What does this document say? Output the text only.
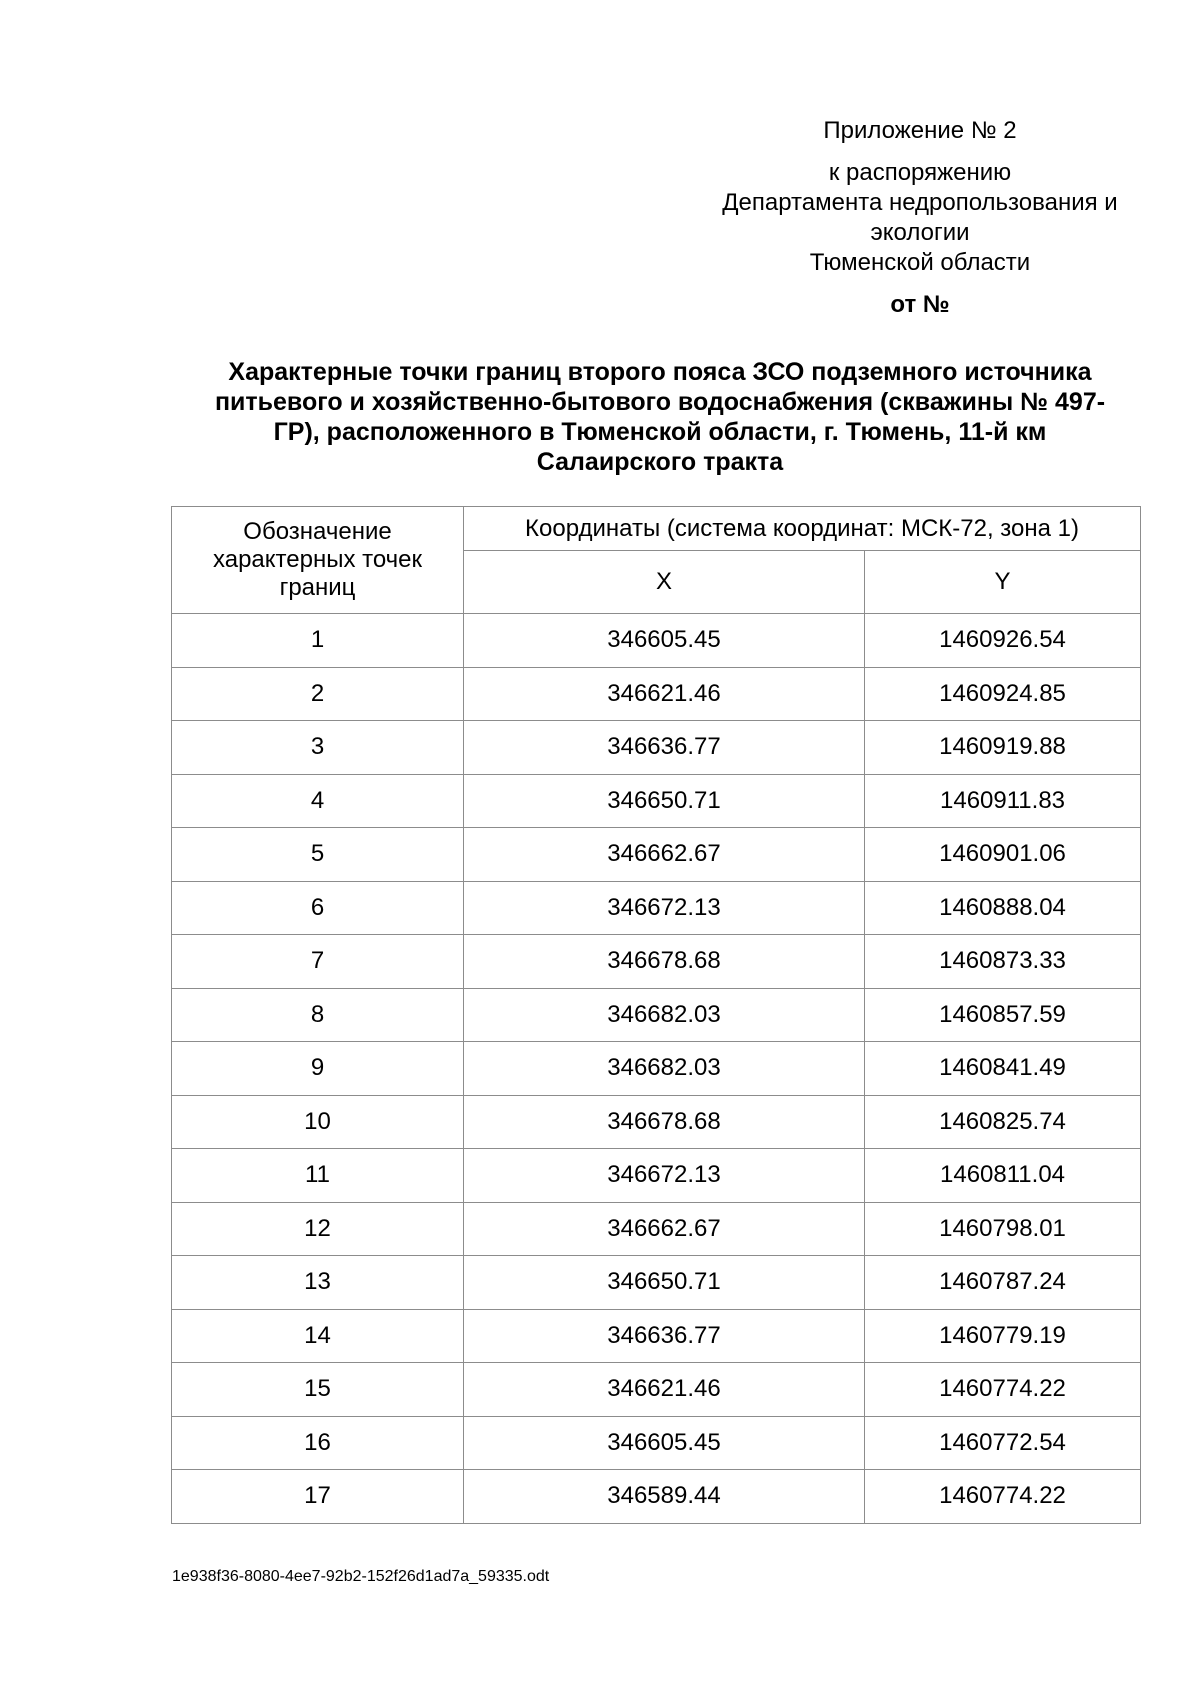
Приложение № 2
к распоряжению
Департамента недропользования и
экологии
Тюменской области
от №
Характерные точки границ второго пояса ЗСО подземного источника
питьевого и хозяйственно-бытового водоснабжения (скважины № 497-
ГР), расположенного в Тюменской области, г. Тюмень, 11-й км
Салаирского тракта
Обозначение
характерных точек
границ	Координаты (система координат: МСК-72, зона 1)	
	X	Y
1	346605.45	1460926.54
2	346621.46	1460924.85
3	346636.77	1460919.88
4	346650.71	1460911.83
5	346662.67	1460901.06
6	346672.13	1460888.04
7	346678.68	1460873.33
8	346682.03	1460857.59
9	346682.03	1460841.49
10	346678.68	1460825.74
11	346672.13	1460811.04
12	346662.67	1460798.01
13	346650.71	1460787.24
14	346636.77	1460779.19
15	346621.46	1460774.22
16	346605.45	1460772.54
17	346589.44	1460774.22
1e938f36-8080-4ee7-92b2-152f26d1ad7a_59335.odt
